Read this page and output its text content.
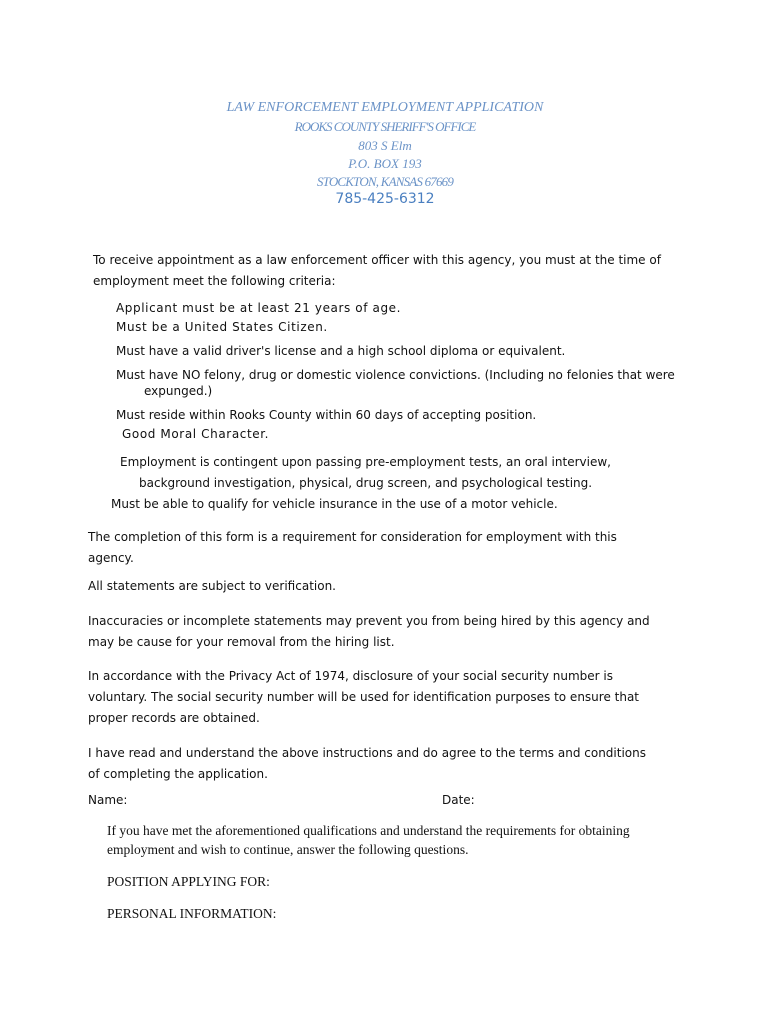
LAW ENFORCEMENT EMPLOYMENT APPLICATION
ROOKS COUNTY SHERIFF'S OFFICE
803 S Elm
P.O. BOX 193
STOCKTON, KANSAS 67669
785-425-6312
To receive appointment as a law enforcement officer with this agency, you must at the time of employment meet the following criteria:
Applicant must be at least 21 years of age.
Must be a United States Citizen.
Must have a valid driver's license and a high school diploma or equivalent.
Must have NO felony, drug or domestic violence convictions. (Including no felonies that were
expunged.)
Must reside within Rooks County within 60 days of accepting position.
Good Moral Character.
Employment is contingent upon passing pre-employment tests, an oral interview,
background investigation, physical, drug screen, and psychological testing.
Must be able to qualify for vehicle insurance in the use of a motor vehicle.
The completion of this form is a requirement for consideration for employment with this agency.
All statements are subject to verification.
Inaccuracies or incomplete statements may prevent you from being hired by this agency and may be cause for your removal from the hiring list.
In accordance with the Privacy Act of 1974, disclosure of your social security number is voluntary. The social security number will be used for identification purposes to ensure that proper records are obtained.
I have read and understand the above instructions and do agree to the terms and conditions of completing the application.
Name:	Date:
If you have met the aforementioned qualifications and understand the requirements for obtaining employment and wish to continue, answer the following questions.
POSITION APPLYING FOR:
PERSONAL INFORMATION:
